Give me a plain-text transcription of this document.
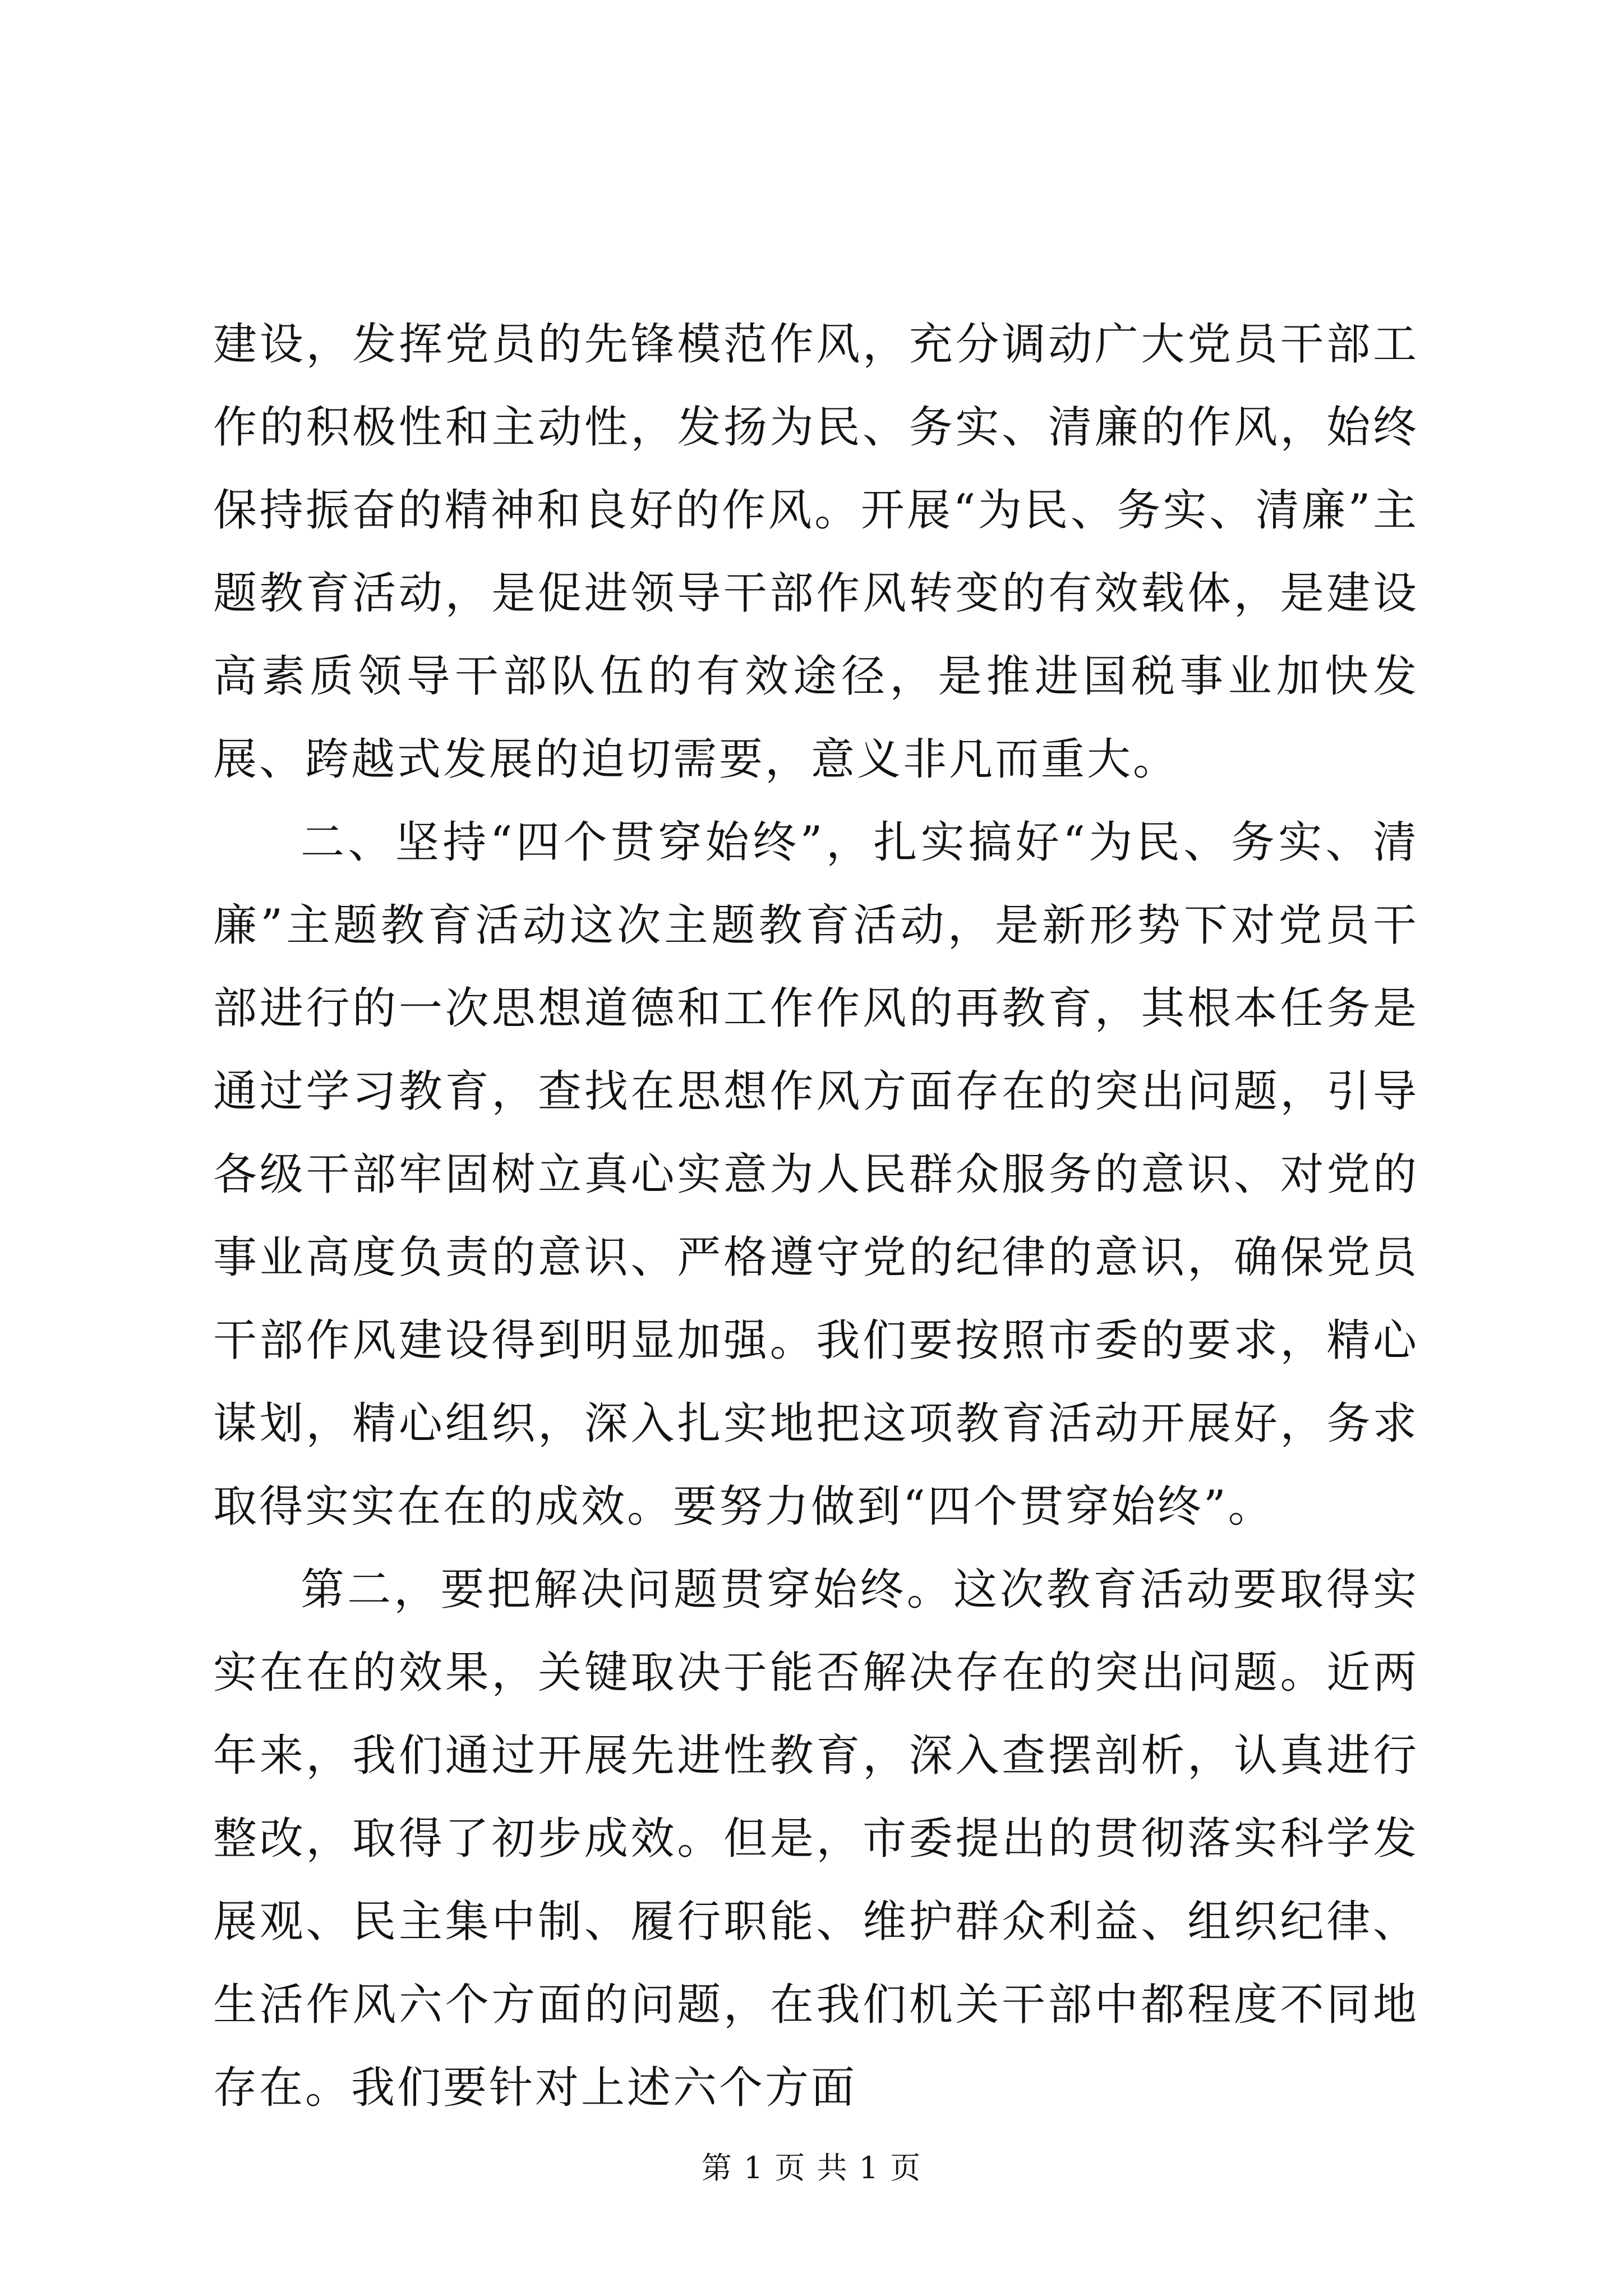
建设，发挥党员的先锋模范作风，充分调动广大党员干部工作的积极性和主动性，发扬为民、务实、清廉的作风，始终保持振奋的精神和良好的作风。开展“为民、务实、清廉”主题教育活动，是促进领导干部作风转变的有效载体，是建设高素质领导干部队伍的有效途径，是推进国税事业加快发展、跨越式发展的迫切需要，意义非凡而重大。

二、坚持“四个贯穿始终”，扎实搞好“为民、务实、清廉”主题教育活动这次主题教育活动，是新形势下对党员干部进行的一次思想道德和工作作风的再教育，其根本任务是通过学习教育，查找在思想作风方面存在的突出问题，引导各级干部牢固树立真心实意为人民群众服务的意识、对党的事业高度负责的意识、严格遵守党的纪律的意识，确保党员干部作风建设得到明显加强。我们要按照市委的要求，精心谋划，精心组织，深入扎实地把这项教育活动开展好，务求取得实实在在的成效。要努力做到“四个贯穿始终”。

第二，要把解决问题贯穿始终。这次教育活动要取得实实在在的效果，关键取决于能否解决存在的突出问题。近两年来，我们通过开展先进性教育，深入查摆剖析，认真进行整改，取得了初步成效。但是，市委提出的贯彻落实科学发展观、民主集中制、履行职能、维护群众利益、组织纪律、生活作风六个方面的问题，在我们机关干部中都程度不同地存在。我们要针对上述六个方面

第 1 页 共 1 页
